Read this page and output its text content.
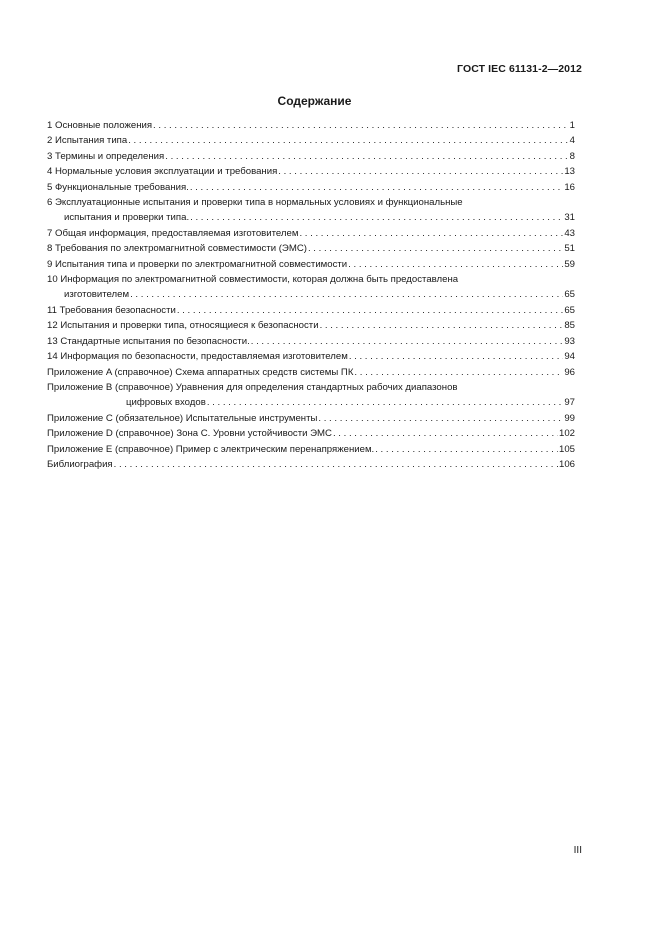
ГОСТ IEC 61131-2—2012
Содержание
1 Основные положения . . .	1
2 Испытания типа . . .	4
3 Термины и определения . . .	8
4 Нормальные условия эксплуатации и требования . . .	13
5 Функциональные требования. . . .	16
6 Эксплуатационные испытания и проверки типа в нормальных условиях и функциональные
испытания и проверки типа. . . .	31
7 Общая информация, предоставляемая изготовителем . . .	43
8 Требования по электромагнитной совместимости (ЭМС) . . .	51
9 Испытания типа и проверки по электромагнитной совместимости . . .	59
10 Информация по электромагнитной совместимости, которая должна быть предоставлена
изготовителем . . .	65
11 Требования безопасности . . .	65
12 Испытания и проверки типа, относящиеся к безопасности . . .	85
13 Стандартные испытания по безопасности. . . .	93
14 Информация по безопасности, предоставляемая изготовителем . . .	94
Приложение A (справочное) Схема аппаратных средств системы ПК . . .	96
Приложение B (справочное) Уравнения для определения стандартных рабочих диапазонов
цифровых входов . . .	97
Приложение C (обязательное) Испытательные инструменты . . .	99
Приложение D (справочное) Зона С. Уровни устойчивости ЭМС . . .	102
Приложение E (справочное) Пример с электрическим перенапряжением. . . .	105
Библиография . . .	106
III
